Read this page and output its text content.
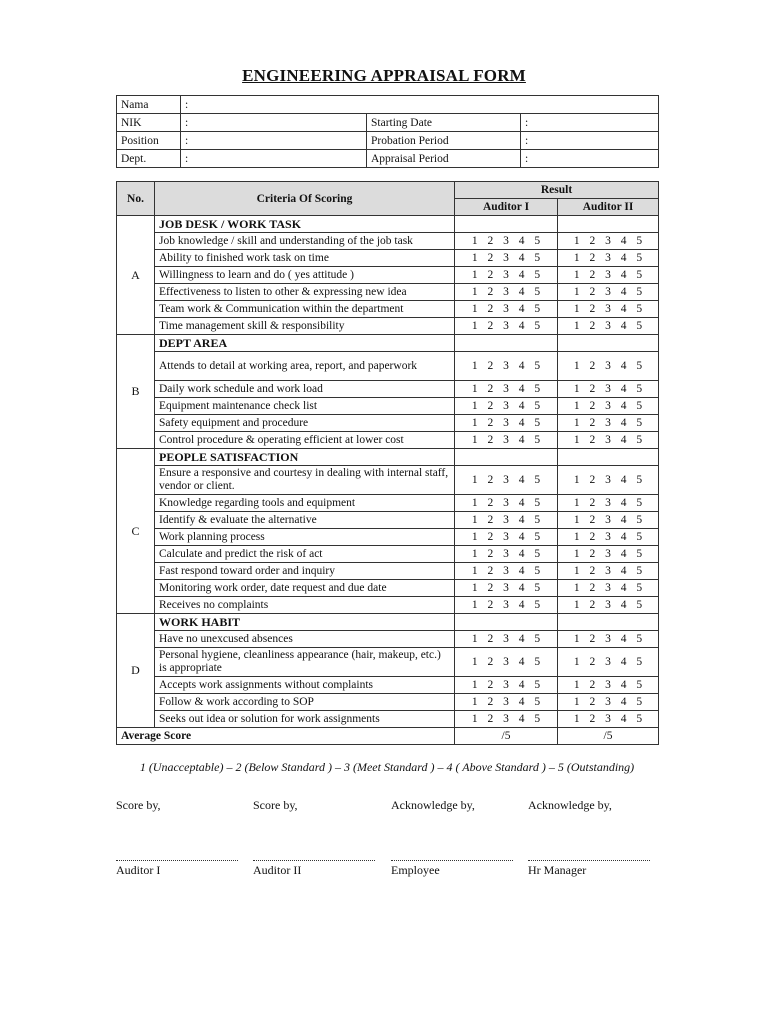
ENGINEERING APPRAISAL FORM
Nama	:		
NIK	:	Starting Date	:
Position	:	Probation Period	:
Dept.	:	Appraisal Period	:
No.	Criteria Of Scoring	Result	
		Auditor I	Auditor II
A	JOB DESK / WORK TASK		
	Job knowledge / skill and understanding of the job task	1 2 3 4 5	1 2 3 4 5
	Ability to finished work task on time	1 2 3 4 5	1 2 3 4 5
	Willingness to learn and do ( yes attitude )	1 2 3 4 5	1 2 3 4 5
	Effectiveness to listen to other & expressing new idea	1 2 3 4 5	1 2 3 4 5
	Team work & Communication within the department	1 2 3 4 5	1 2 3 4 5
	Time management skill & responsibility	1 2 3 4 5	1 2 3 4 5
B	DEPT AREA		
	Attends to detail at working area, report, and paperwork	1 2 3 4 5	1 2 3 4 5
	Daily work schedule and work load	1 2 3 4 5	1 2 3 4 5
	Equipment maintenance check list	1 2 3 4 5	1 2 3 4 5
	Safety equipment and procedure	1 2 3 4 5	1 2 3 4 5
	Control procedure & operating efficient at lower cost	1 2 3 4 5	1 2 3 4 5
C	PEOPLE SATISFACTION		
	Ensure a responsive and courtesy in dealing with internal staff, vendor or client.	1 2 3 4 5	1 2 3 4 5
	Knowledge regarding tools and equipment	1 2 3 4 5	1 2 3 4 5
	Identify & evaluate the alternative	1 2 3 4 5	1 2 3 4 5
	Work planning process	1 2 3 4 5	1 2 3 4 5
	Calculate and predict the risk of act	1 2 3 4 5	1 2 3 4 5
	Fast respond toward order and inquiry	1 2 3 4 5	1 2 3 4 5
	Monitoring work order, date request and due date	1 2 3 4 5	1 2 3 4 5
	Receives no complaints	1 2 3 4 5	1 2 3 4 5
D	WORK HABIT		
	Have no unexcused absences	1 2 3 4 5	1 2 3 4 5
	Personal hygiene, cleanliness appearance (hair, makeup, etc.) is appropriate	1 2 3 4 5	1 2 3 4 5
	Accepts work assignments without complaints	1 2 3 4 5	1 2 3 4 5
	Follow & work according to SOP	1 2 3 4 5	1 2 3 4 5
	Seeks out idea or solution for work assignments	1 2 3 4 5	1 2 3 4 5
Average Score		/5	/5
1 (Unacceptable) – 2 (Below Standard ) – 3 (Meet Standard ) – 4 ( Above Standard ) – 5 (Outstanding)
Score by,
Auditor I
Score by,
Auditor II
Acknowledge by,
Employee
Acknowledge by,
Hr Manager
